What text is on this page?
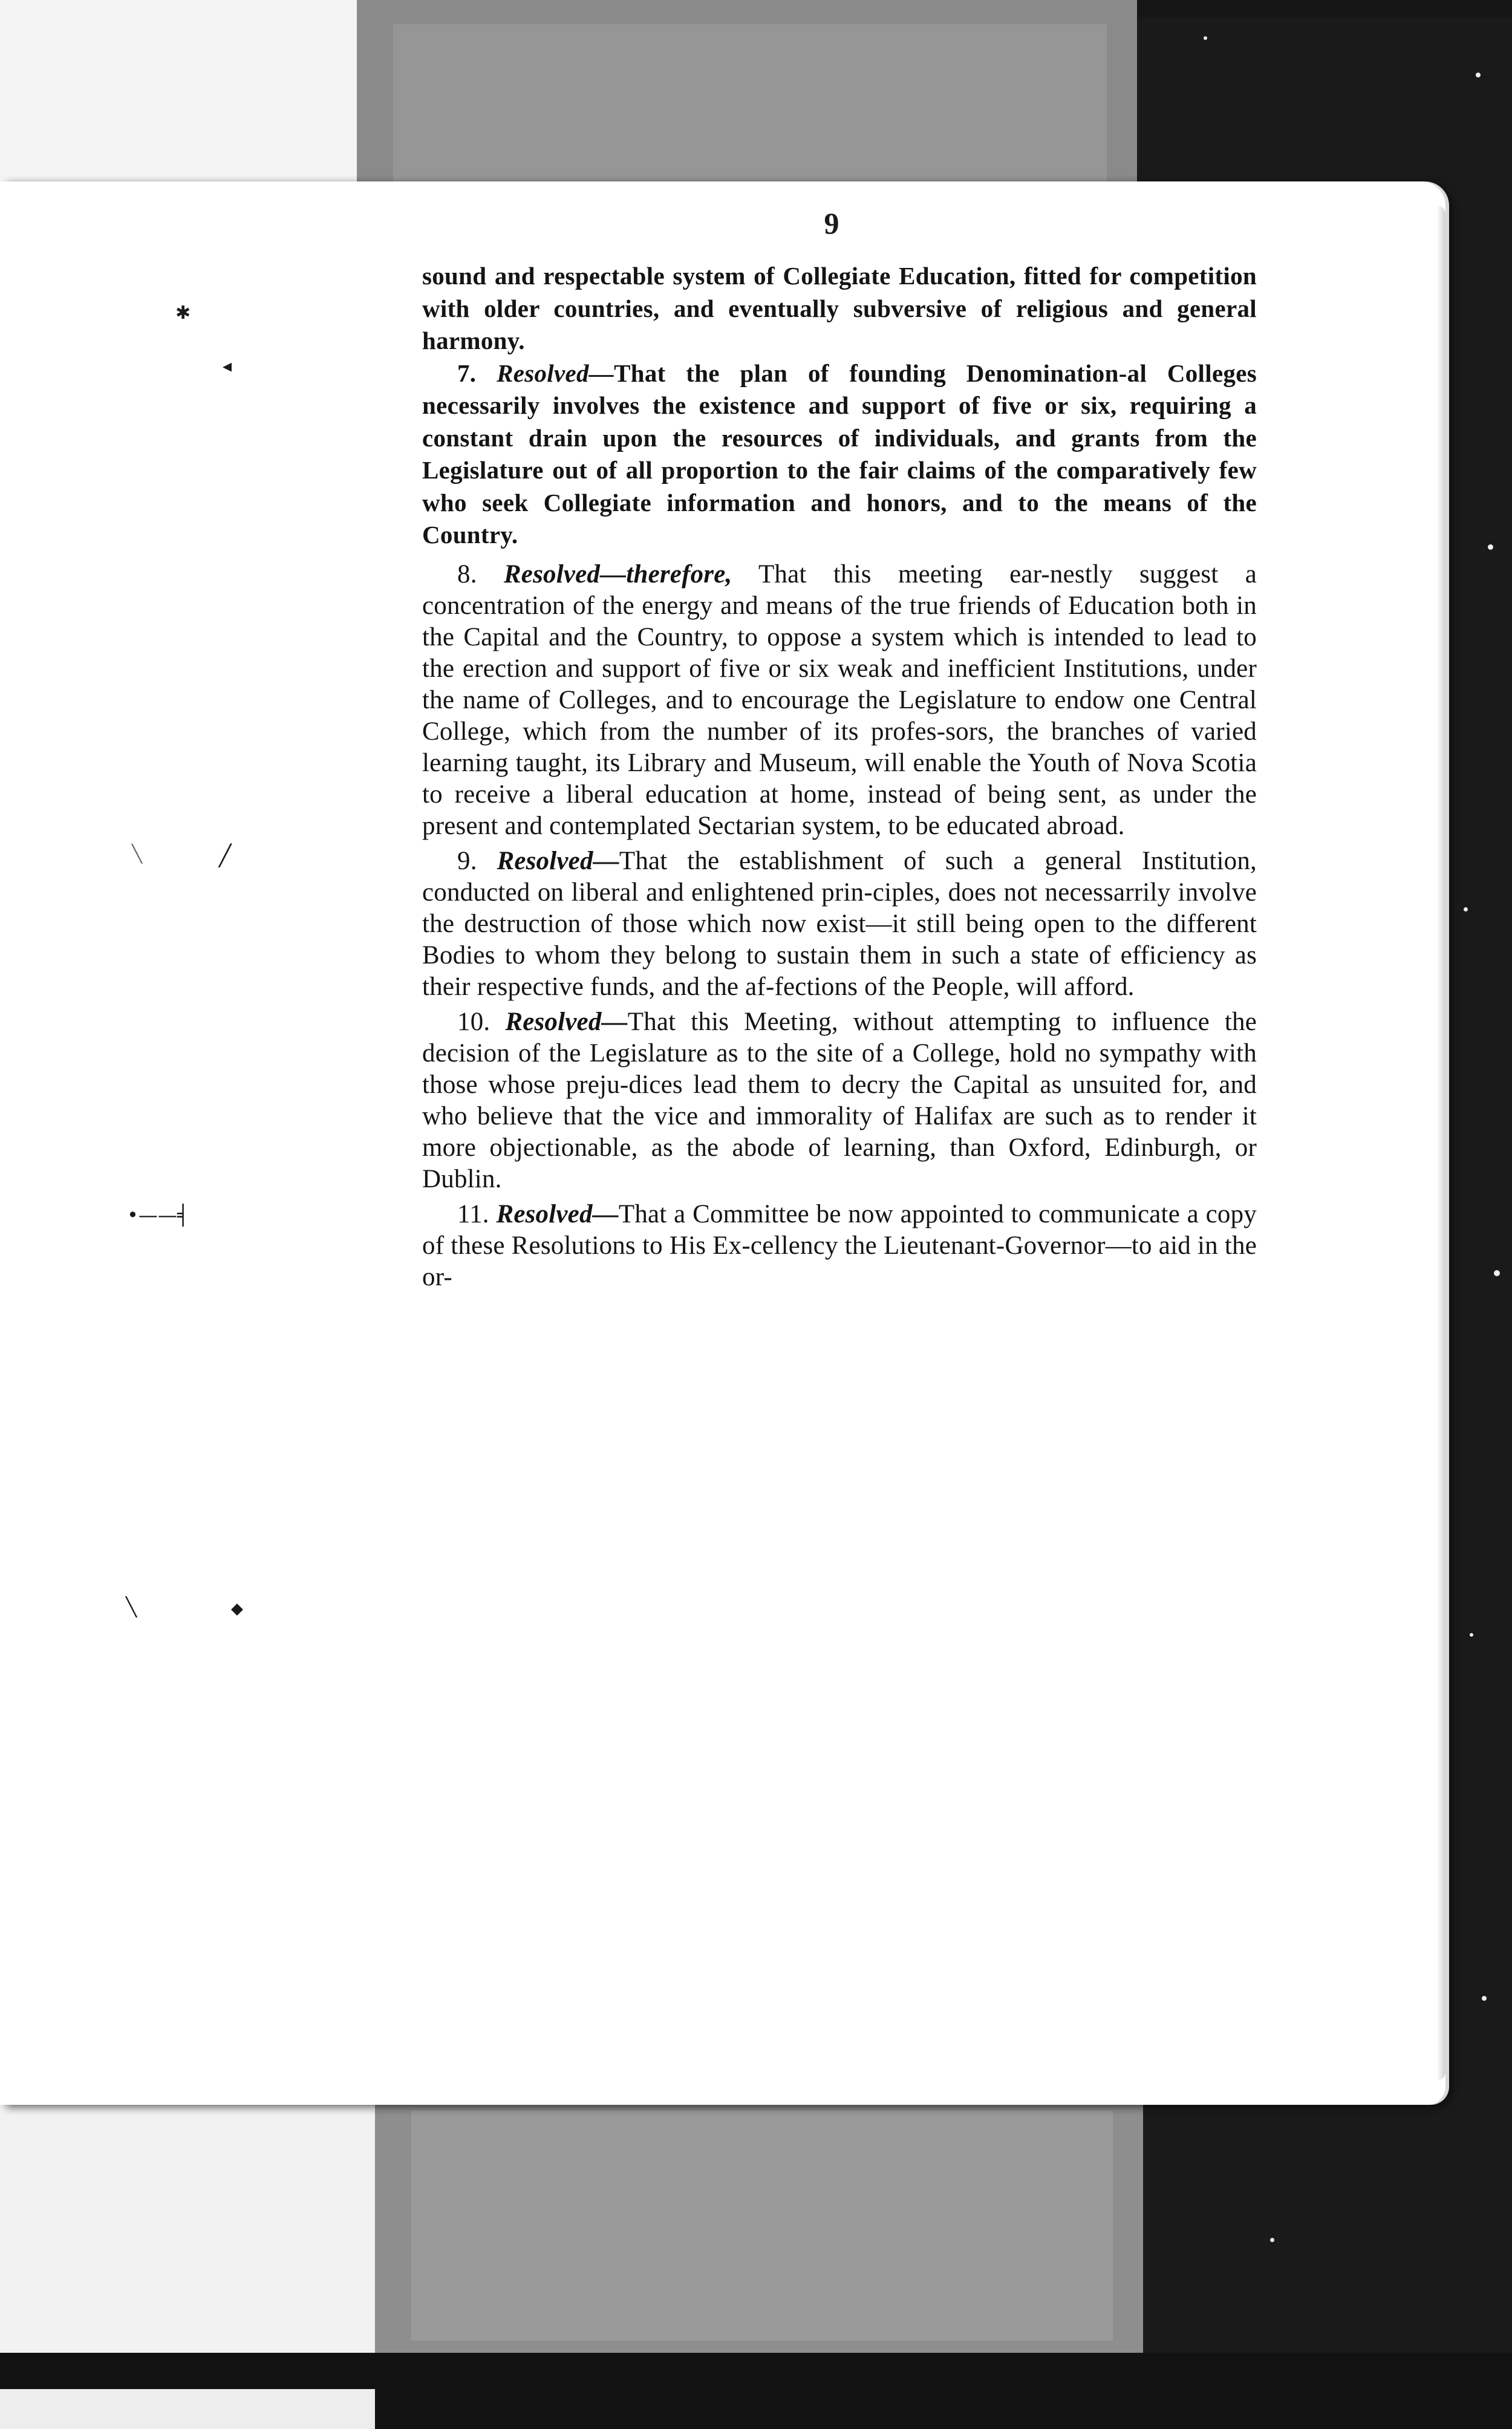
✱
◂
╲	╱
•——╡
╲	◆
9

sound and respectable system of Collegiate Education, fitted for competition with older countries, and eventually subversive of religious and general harmony.

7. Resolved—That the plan of founding Denomination-al Colleges necessarily involves the existence and support of five or six, requiring a constant drain upon the resources of individuals, and grants from the Legislature out of all proportion to the fair claims of the comparatively few who seek Collegiate information and honors, and to the means of the Country.

8. Resolved—therefore, That this meeting ear-nestly suggest a concentration of the energy and means of the true friends of Education both in the Capital and the Country, to oppose a system which is intended to lead to the erection and support of five or six weak and inefficient Institutions, under the name of Colleges, and to encourage the Legislature to endow one Central College, which from the number of its profes-sors, the branches of varied learning taught, its Library and Museum, will enable the Youth of Nova Scotia to receive a liberal education at home, instead of being sent, as under the present and contemplated Sectarian system, to be educated abroad.

9. Resolved—That the establishment of such a general Institution, conducted on liberal and enlightened prin-ciples, does not necessarrily involve the destruction of those which now exist—it still being open to the different Bodies to whom they belong to sustain them in such a state of efficiency as their respective funds, and the af-fections of the People, will afford.

10. Resolved—That this Meeting, without attempting to influence the decision of the Legislature as to the site of a College, hold no sympathy with those whose preju-dices lead them to decry the Capital as unsuited for, and who believe that the vice and immorality of Halifax are such as to render it more objectionable, as the abode of learning, than Oxford, Edinburgh, or Dublin.

11. Resolved—That a Committee be now appointed to communicate a copy of these Resolutions to His Ex-cellency the Lieutenant-Governor—to aid in the or-
